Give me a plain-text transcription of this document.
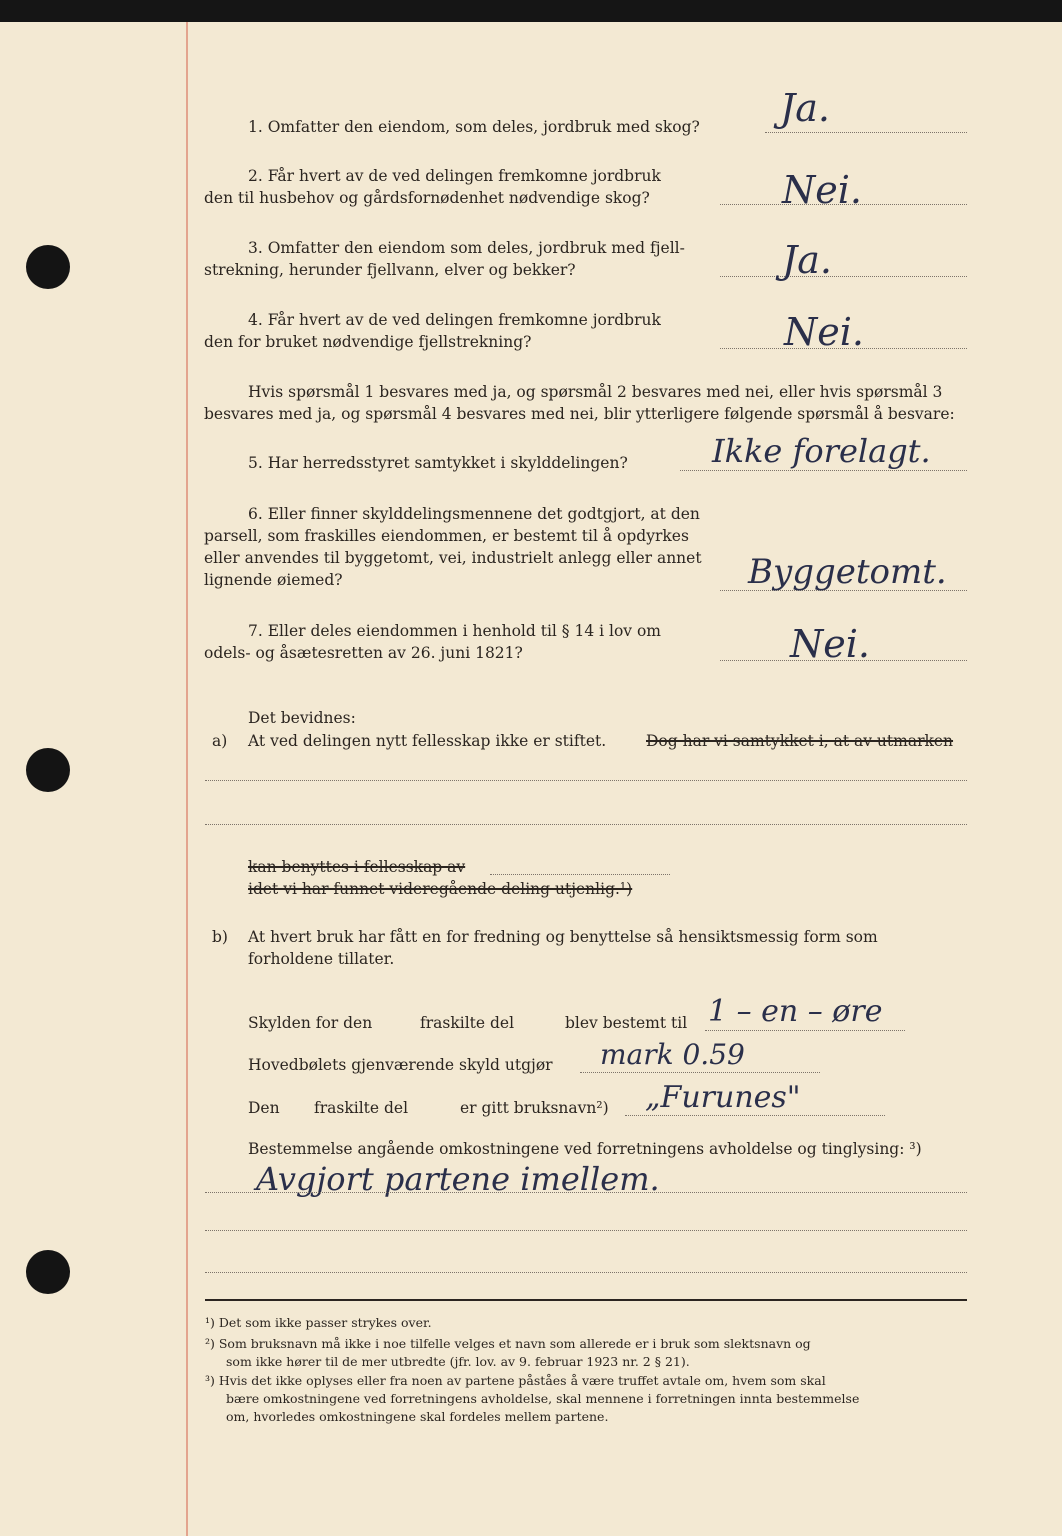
1. Omfatter den eiendom, som deles, jordbruk med skog? Ja.
2. Får hvert av de ved delingen fremkomne jordbruk
den til husbehov og gårdsfornødenhet nødvendige skog?	Nei.
3. Omfatter den eiendom som deles, jordbruk med fjell-
strekning, herunder fjellvann, elver og bekker?	Ja.
4. Får hvert av de ved delingen fremkomne jordbruk
den for bruket nødvendige fjellstrekning?	Nei.
Hvis spørsmål 1 besvares med ja, og spørsmål 2 besvares med nei, eller hvis spørsmål 3
besvares med ja, og spørsmål 4 besvares med nei, blir ytterligere følgende spørsmål å besvare:
5. Har herredsstyret samtykket i skylddelingen?	Ikke forelagt.
6. Eller finner skylddelingsmennene det godtgjort, at den
parsell, som fraskilles eiendommen, er bestemt til å opdyrkes
eller anvendes til byggetomt, vei, industrielt anlegg eller annet
lignende øiemed?	Byggetomt.
7. Eller deles eiendommen i henhold til § 14 i lov om
odels- og åsætesretten av 26. juni 1821?	Nei.
Det bevidnes:
a) At ved delingen nytt fellesskap ikke er stiftet.	Dog har vi samtykket i, at av utmarken
kan benyttes i fellesskap av
idet vi har funnet videregående deling utjenlig.¹)
b) At hvert bruk har fått en for fredning og benyttelse så hensiktsmessig form som
forholdene tillater.
Skylden for den	fraskilte del	blev bestemt til 1 – en – øre
Hovedbølets gjenværende skyld utgjør mark 0.59
Den fraskilte del	er gitt bruksnavn²) „Furunes"
Bestemmelse angående omkostningene ved forretningens avholdelse og tinglysing: ³)
Avgjort partene imellem.
¹) Det som ikke passer strykes over.
²) Som bruksnavn må ikke i noe tilfelle velges et navn som allerede er i bruk som slektsnavn og
som ikke hører til de mer utbredte (jfr. lov. av 9. februar 1923 nr. 2 § 21).
³) Hvis det ikke oplyses eller fra noen av partene påståes å være truffet avtale om, hvem som skal
bære omkostningene ved forretningens avholdelse, skal mennene i forretningen innta bestemmelse
om, hvorledes omkostningene skal fordeles mellem partene.
